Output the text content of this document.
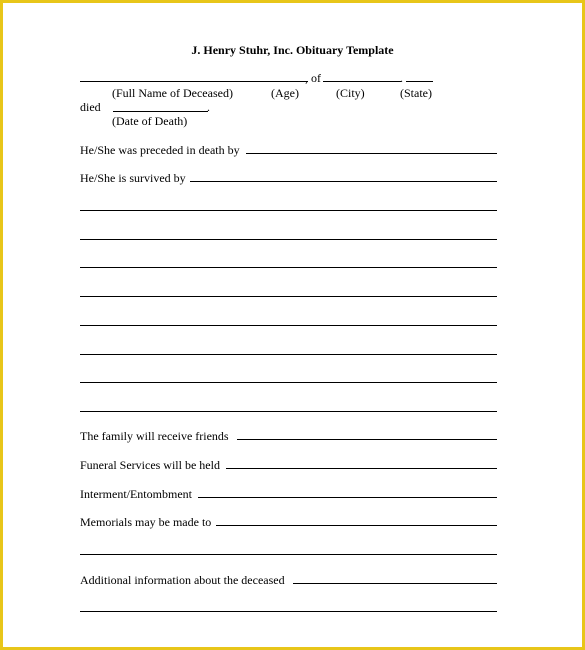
J. Henry Stuhr, Inc. Obituary Template
, of	.
(Full Name of Deceased)	(Age)	(City)	(State)
died	.
(Date of Death)
He/She was preceded in death by
He/She is survived by
The family will receive friends
Funeral Services will be held
Interment/Entombment
Memorials may be made to
Additional information about the deceased
